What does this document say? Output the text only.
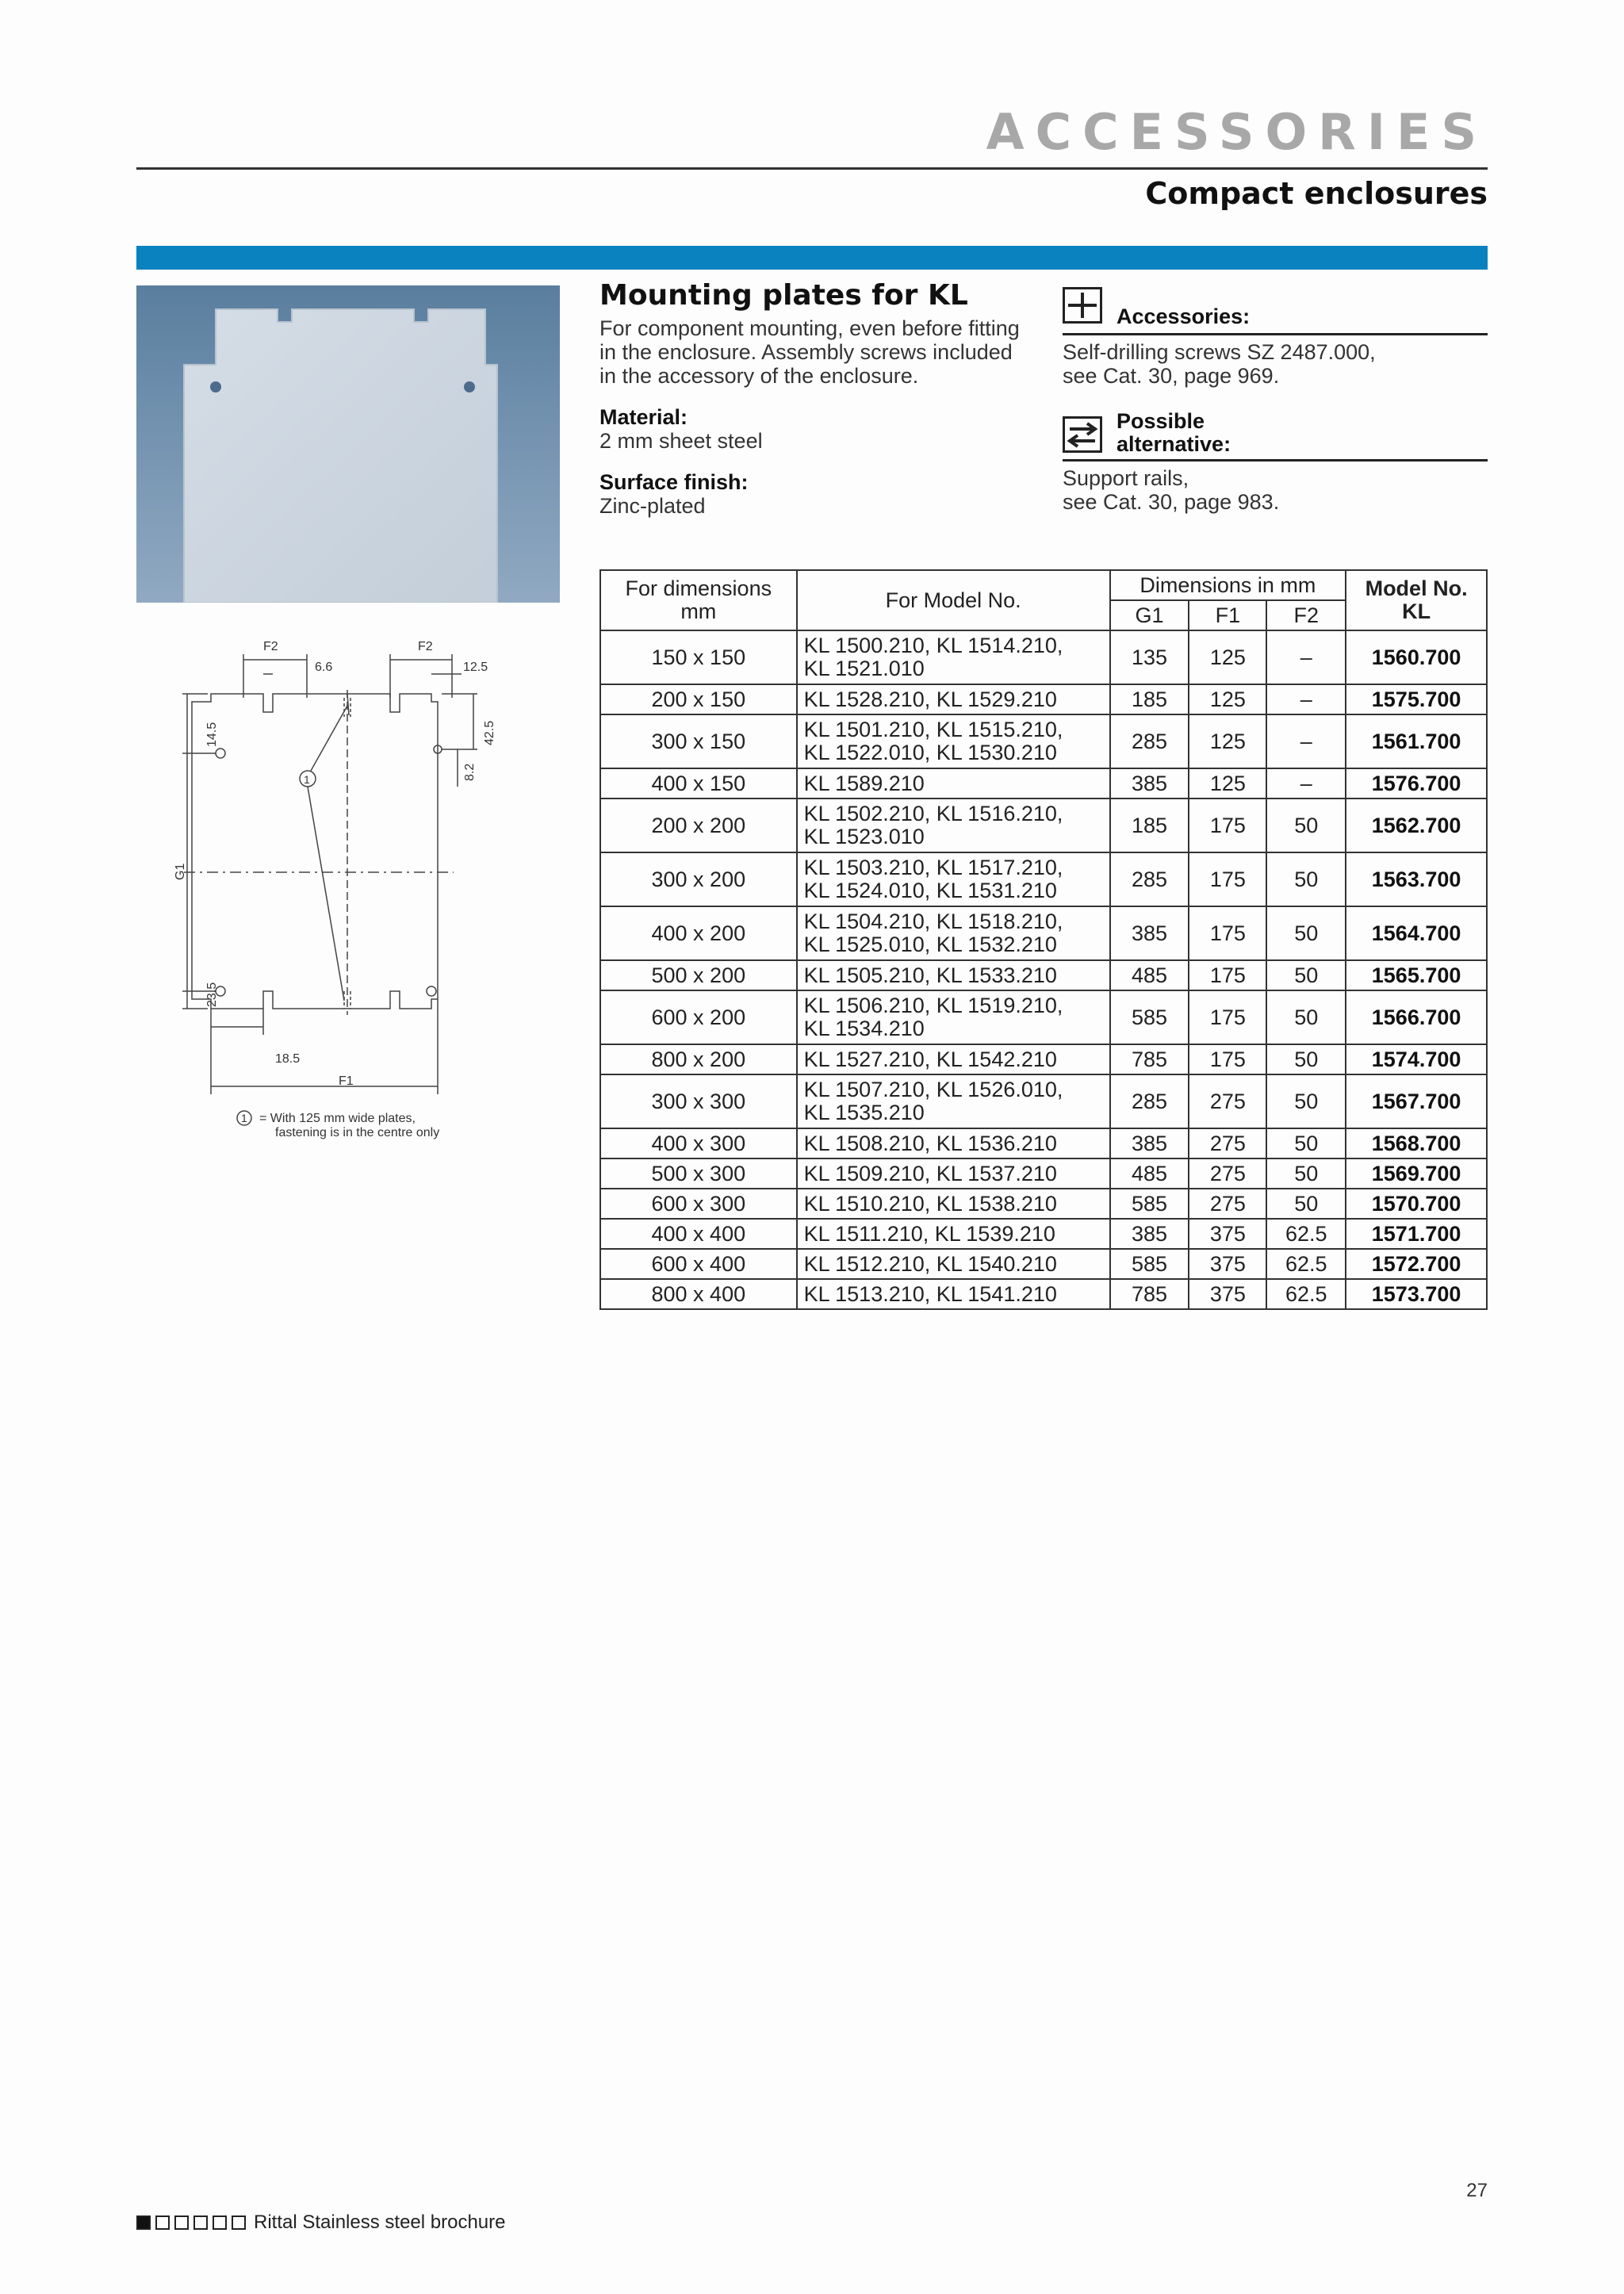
ACCESSORIES
Compact enclosures
F2	F2
6.6	12.5
14.5	42.5
8.2
G1
23.5
18.5
F1
1
1 = With 125 mm wide plates,
fastening is in the centre only
Mounting plates for KL

For component mounting, even before fitting in the enclosure. Assembly screws included in the accessory of the enclosure.

Material:

2 mm sheet steel

Surface finish:

Zinc-plated

Accessories:

Self-drilling screws SZ 2487.000,

see Cat. 30, page 969.

Possible
alternative:

Support rails,

see Cat. 30, page 983.

For dimensions
mm	For Model No.	Dimensions in mm			Model No.
KL
		G1	F1	F2	
150 x 150	KL 1500.210, KL 1514.210,
KL 1521.010	135	125	–	1560.700
200 x 150	KL 1528.210, KL 1529.210	185	125	–	1575.700
300 x 150	KL 1501.210, KL 1515.210,
KL 1522.010, KL 1530.210	285	125	–	1561.700
400 x 150	KL 1589.210	385	125	–	1576.700
200 x 200	KL 1502.210, KL 1516.210,
KL 1523.010	185	175	50	1562.700
300 x 200	KL 1503.210, KL 1517.210,
KL 1524.010, KL 1531.210	285	175	50	1563.700
400 x 200	KL 1504.210, KL 1518.210,
KL 1525.010, KL 1532.210	385	175	50	1564.700
500 x 200	KL 1505.210, KL 1533.210	485	175	50	1565.700
600 x 200	KL 1506.210, KL 1519.210,
KL 1534.210	585	175	50	1566.700
800 x 200	KL 1527.210, KL 1542.210	785	175	50	1574.700
300 x 300	KL 1507.210, KL 1526.010,
KL 1535.210	285	275	50	1567.700
400 x 300	KL 1508.210, KL 1536.210	385	275	50	1568.700
500 x 300	KL 1509.210, KL 1537.210	485	275	50	1569.700
600 x 300	KL 1510.210, KL 1538.210	585	275	50	1570.700
400 x 400	KL 1511.210, KL 1539.210	385	375	62.5	1571.700
600 x 400	KL 1512.210, KL 1540.210	585	375	62.5	1572.700
800 x 400	KL 1513.210, KL 1541.210	785	375	62.5	1573.700
27
Rittal Stainless steel brochure
